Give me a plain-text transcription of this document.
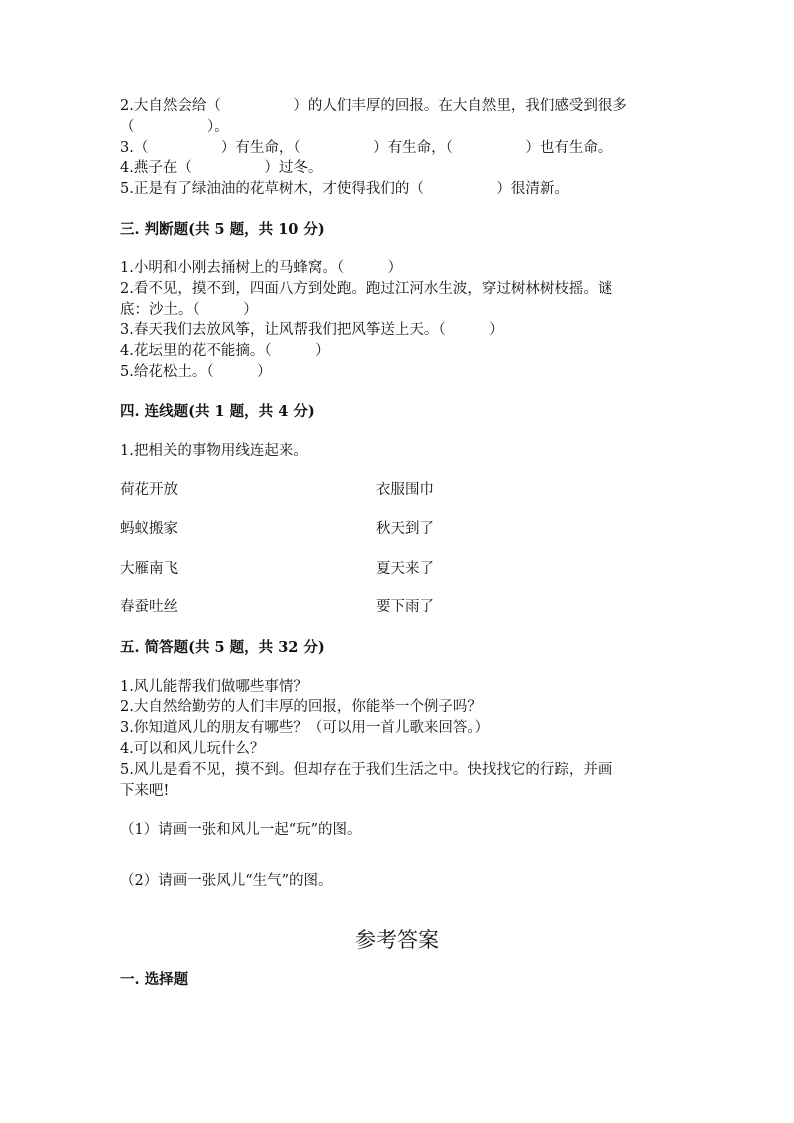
2.大自然会给（　　　　　）的人们丰厚的回报。在大自然里，我们感受到很多
（　　　　　）。
3.（　　　　　）有生命，（　　　　　）有生命，（　　　　　）也有生命。
4.燕子在（　　　　　）过冬。
5.正是有了绿油油的花草树木，才使得我们的（　　　　　）很清新。
三. 判断题(共 5 题，共 10 分)
1.小明和小刚去捅树上的马蜂窝。（　　　）
2.看不见，摸不到，四面八方到处跑。跑过江河水生波，穿过树林树枝摇。谜
底：沙土。（　　　）
3.春天我们去放风筝，让风帮我们把风筝送上天。（　　　）
4.花坛里的花不能摘。（　　　）
5.给花松土。（　　　）
四. 连线题(共 1 题，共 4 分)
1.把相关的事物用线连起来。
荷花开放	衣服围巾
蚂蚁搬家	秋天到了
大雁南飞	夏天来了
春蚕吐丝	要下雨了
五. 简答题(共 5 题，共 32 分)
1.风儿能帮我们做哪些事情？
2.大自然给勤劳的人们丰厚的回报，你能举一个例子吗？
3.你知道风儿的朋友有哪些？（可以用一首儿歌来回答。）
4.可以和风儿玩什么？
5.风儿是看不见，摸不到。但却存在于我们生活之中。快找找它的行踪，并画
下来吧!
（1）请画一张和风儿一起“玩”的图。
（2）请画一张风儿“生气”的图。
参考答案
一. 选择题
